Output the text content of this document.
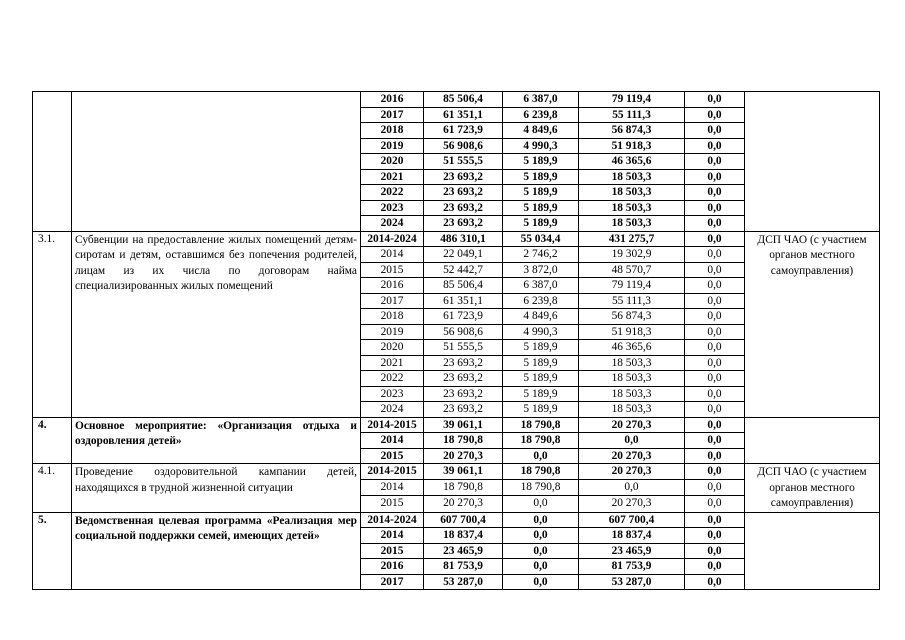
		2016	85 506,4	6 387,0	79 119,4	0,0	
		2017	61 351,1	6 239,8	55 111,3	0,0	
		2018	61 723,9	4 849,6	56 874,3	0,0	
		2019	56 908,6	4 990,3	51 918,3	0,0	
		2020	51 555,5	5 189,9	46 365,6	0,0	
		2021	23 693,2	5 189,9	18 503,3	0,0	
		2022	23 693,2	5 189,9	18 503,3	0,0	
		2023	23 693,2	5 189,9	18 503,3	0,0	
		2024	23 693,2	5 189,9	18 503,3	0,0	
3.1.	Субвенции на предоставление жилых помещений детям-сиротам и детям, оставшимся без попечения родителей, лицам из их числа по договорам найма специализированных жилых помещений	2014-2024	486 310,1	55 034,4	431 275,7	0,0	ДСП ЧАО (с участием органов местного самоуправления)
		2014	22 049,1	2 746,2	19 302,9	0,0	
		2015	52 442,7	3 872,0	48 570,7	0,0	
		2016	85 506,4	6 387,0	79 119,4	0,0	
		2017	61 351,1	6 239,8	55 111,3	0,0	
		2018	61 723,9	4 849,6	56 874,3	0,0	
		2019	56 908,6	4 990,3	51 918,3	0,0	
		2020	51 555,5	5 189,9	46 365,6	0,0	
		2021	23 693,2	5 189,9	18 503,3	0,0	
		2022	23 693,2	5 189,9	18 503,3	0,0	
		2023	23 693,2	5 189,9	18 503,3	0,0	
		2024	23 693,2	5 189,9	18 503,3	0,0	
4.	Основное мероприятие: «Организация отдыха и оздоровления детей»	2014-2015	39 061,1	18 790,8	20 270,3	0,0	
		2014	18 790,8	18 790,8	0,0	0,0	
		2015	20 270,3	0,0	20 270,3	0,0	
4.1.	Проведение оздоровительной кампании детей, находящихся в трудной жизненной ситуации	2014-2015	39 061,1	18 790,8	20 270,3	0,0	ДСП ЧАО (с участием органов местного самоуправления)
		2014	18 790,8	18 790,8	0,0	0,0	
		2015	20 270,3	0,0	20 270,3	0,0	
5.	Ведомственная целевая программа «Реализация мер социальной поддержки семей, имеющих детей»	2014-2024	607 700,4	0,0	607 700,4	0,0	
		2014	18 837,4	0,0	18 837,4	0,0	
		2015	23 465,9	0,0	23 465,9	0,0	
		2016	81 753,9	0,0	81 753,9	0,0	
		2017	53 287,0	0,0	53 287,0	0,0	
